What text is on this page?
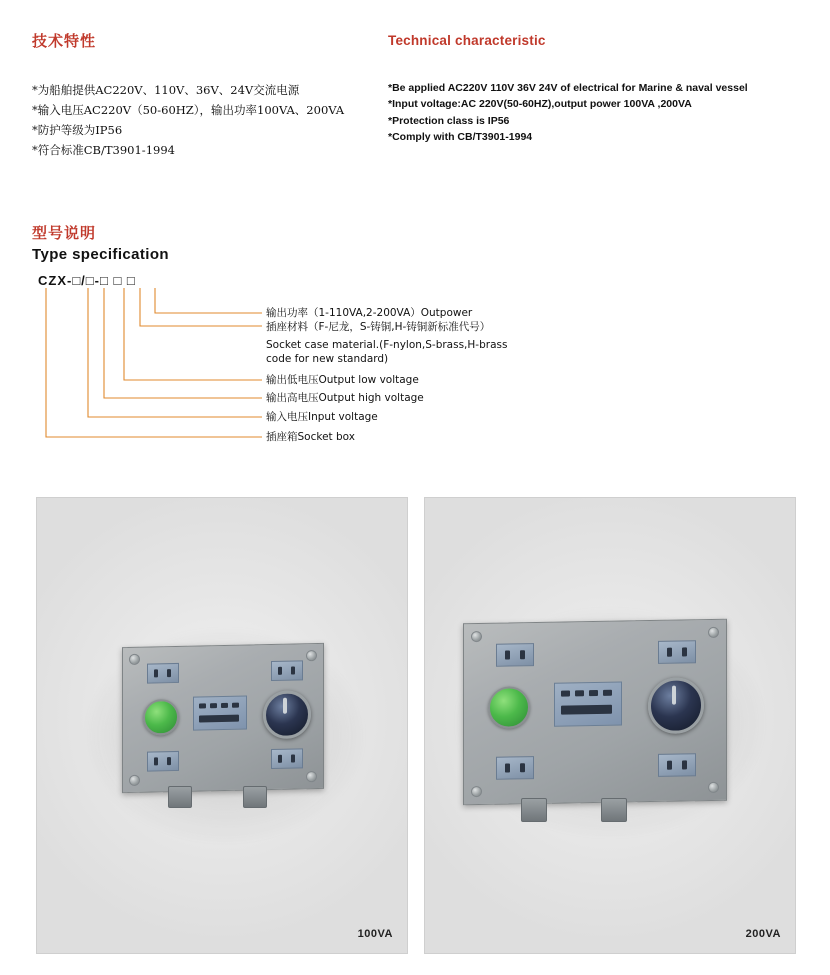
技术特性
*为船舶提供AC220V、110V、36V、24V交流电源
*输入电压AC220V（50-60HZ），输出功率100VA、200VA
*防护等级为IP56
*符合标准CB/T3901-1994
Technical characteristic
*Be applied AC220V 110V 36V 24V of electrical for Marine & naval vessel
*Input voltage:AC 220V(50-60HZ),output power 100VA ,200VA
*Protection class is IP56
*Comply with CB/T3901-1994
型号说明
Type specification
CZX-□/□-□ □ □
输出功率（1-110VA,2-200VA）Outpower
插座材料（F-尼龙，S-铸铜,H-铸铜新标准代号）
Socket case material.(F-nylon,S-brass,H-brass code for new standard)
输出低电压Output low voltage
输出高电压Output high voltage
输入电压Input voltage
插座箱Socket box
100VA	200VA
